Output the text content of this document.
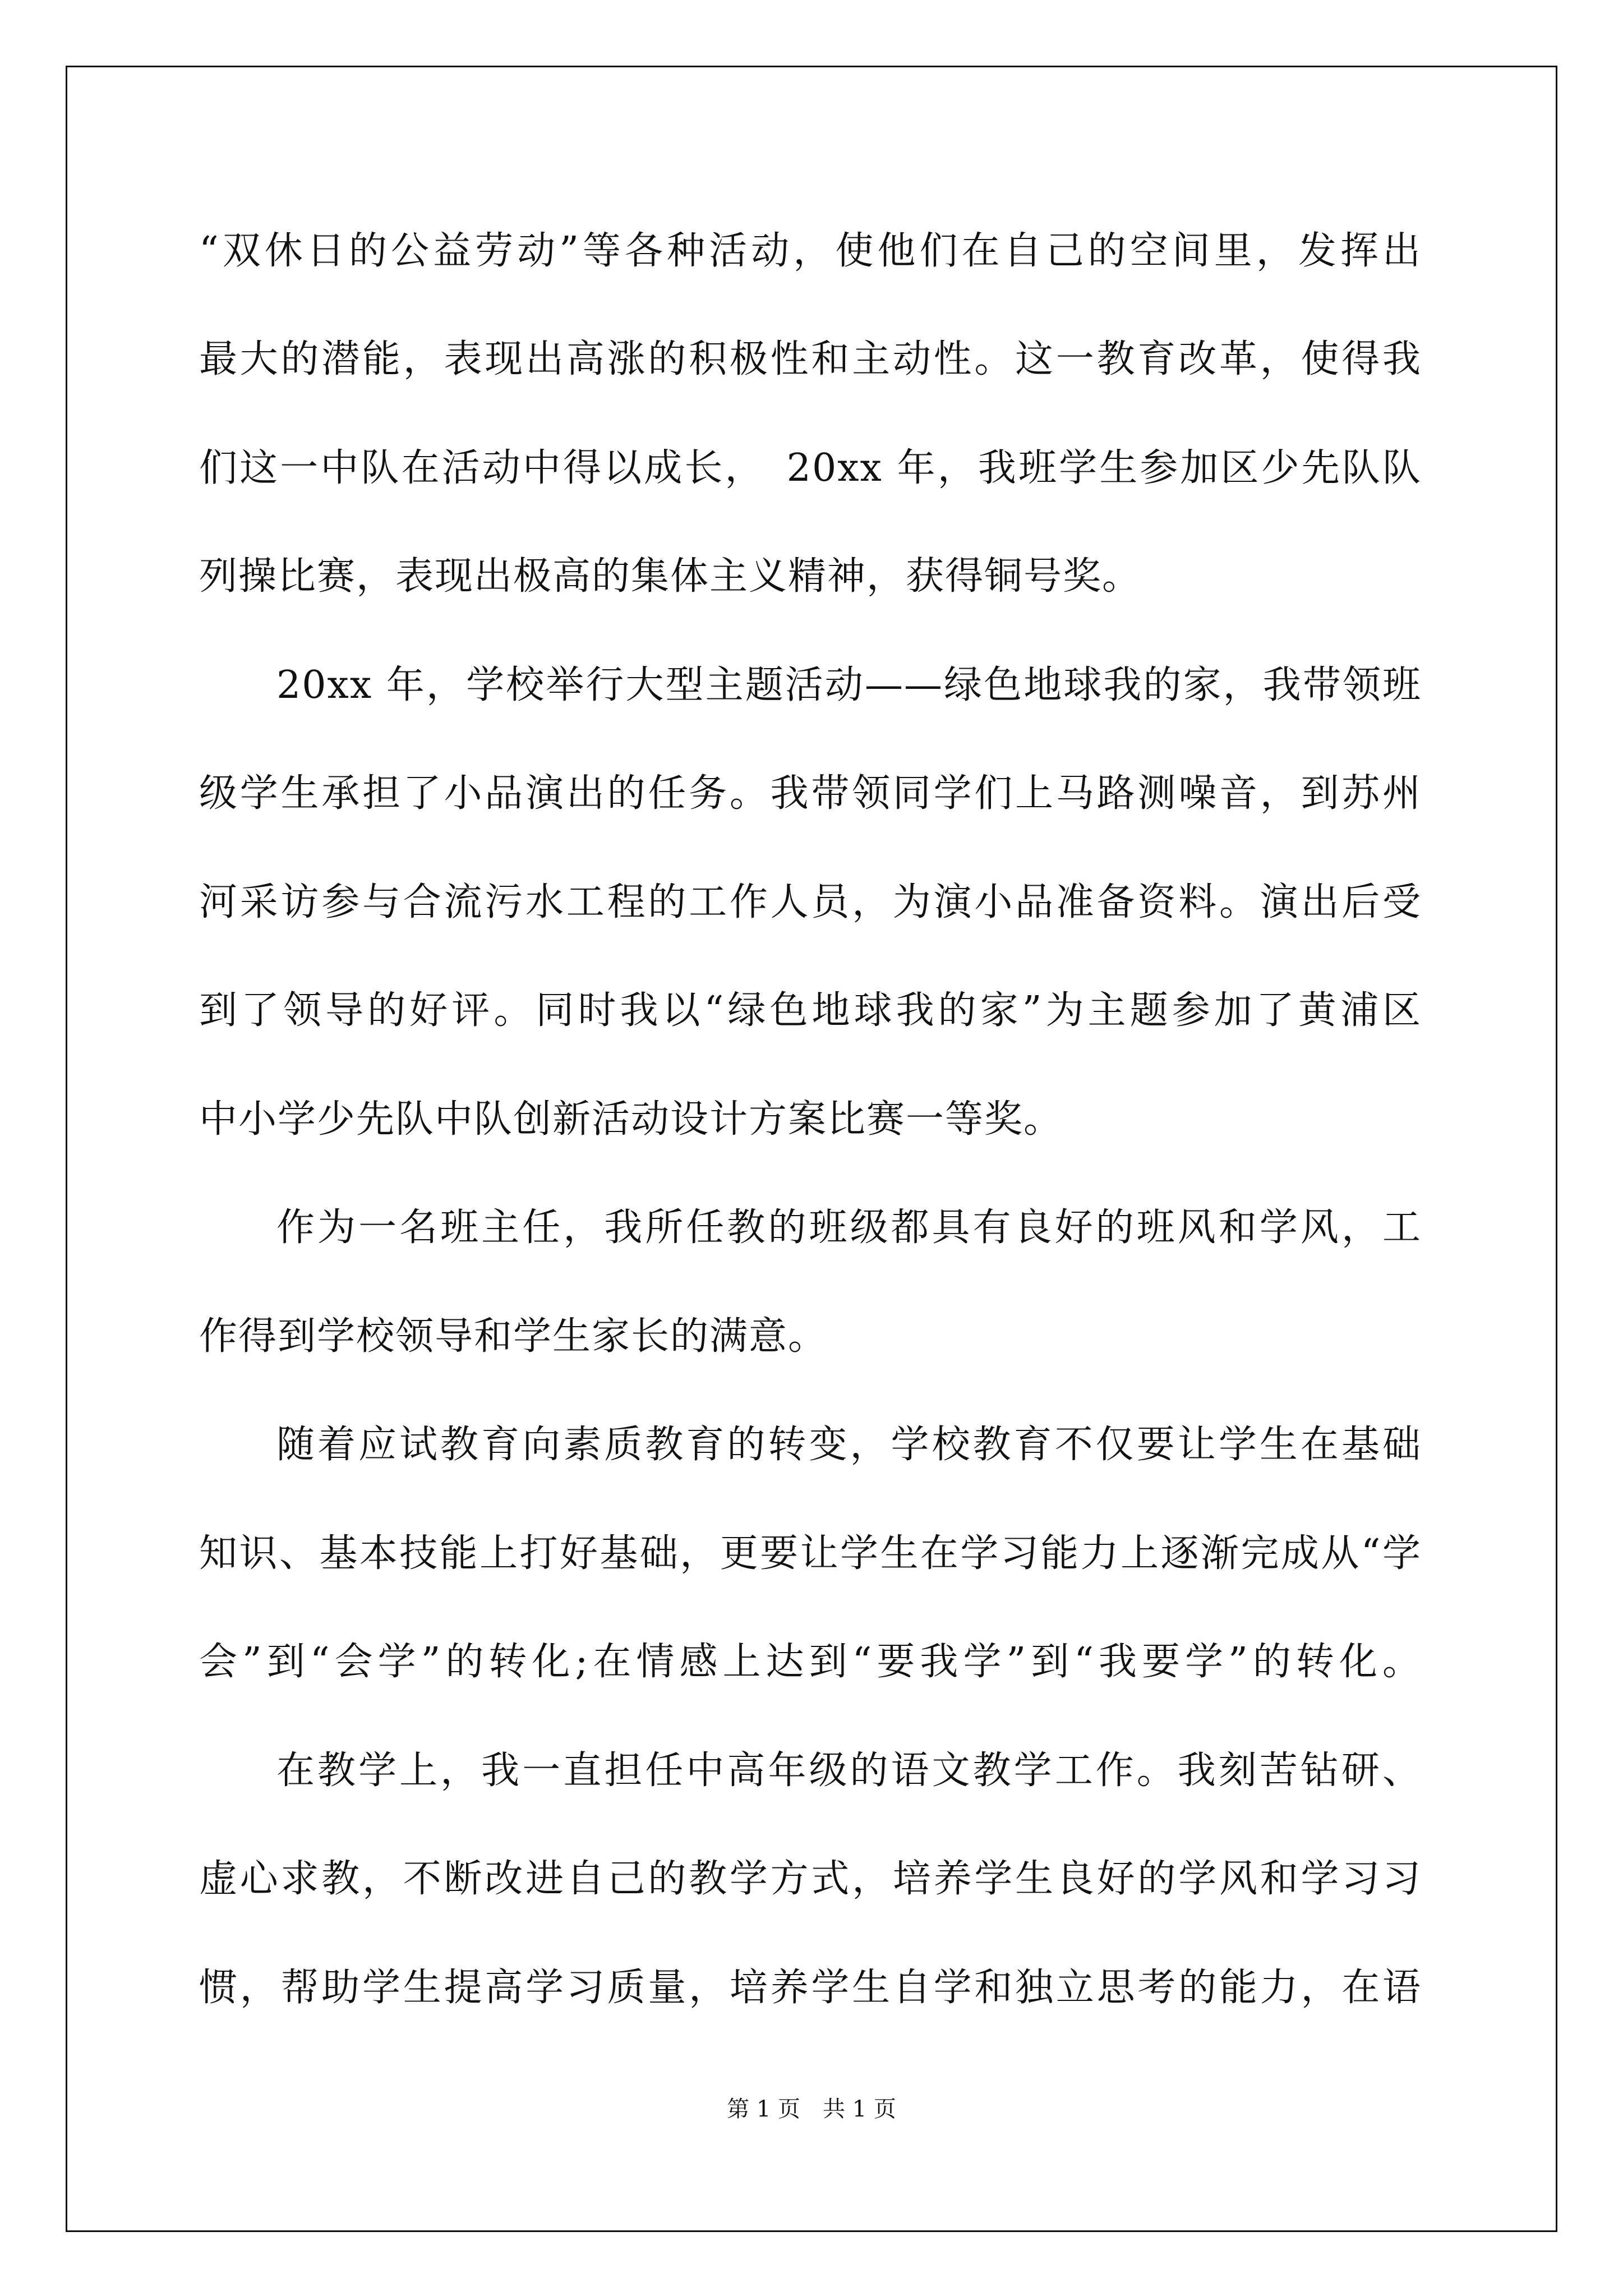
“双休日的公益劳动”等各种活动，使他们在自己的空间里，发挥出
最大的潜能，表现出高涨的积极性和主动性。这一教育改革，使得我
们这一中队在活动中得以成长，　20xx 年，我班学生参加区少先队队
列操比赛，表现出极高的集体主义精神，获得铜号奖。
20xx 年，学校举行大型主题活动——绿色地球我的家，我带领班
级学生承担了小品演出的任务。我带领同学们上马路测噪音，到苏州
河采访参与合流污水工程的工作人员，为演小品准备资料。演出后受
到了领导的好评。同时我以“绿色地球我的家”为主题参加了黄浦区
中小学少先队中队创新活动设计方案比赛一等奖。
作为一名班主任，我所任教的班级都具有良好的班风和学风，工
作得到学校领导和学生家长的满意。
随着应试教育向素质教育的转变，学校教育不仅要让学生在基础
知识、基本技能上打好基础，更要让学生在学习能力上逐渐完成从“学
会”到“会学”的转化;在情感上达到“要我学”到“我要学”的转化。
在教学上，我一直担任中高年级的语文教学工作。我刻苦钻研、
虚心求教，不断改进自己的教学方式，培养学生良好的学风和学习习
惯，帮助学生提高学习质量，培养学生自学和独立思考的能力，在语
第 1 页　共 1 页
